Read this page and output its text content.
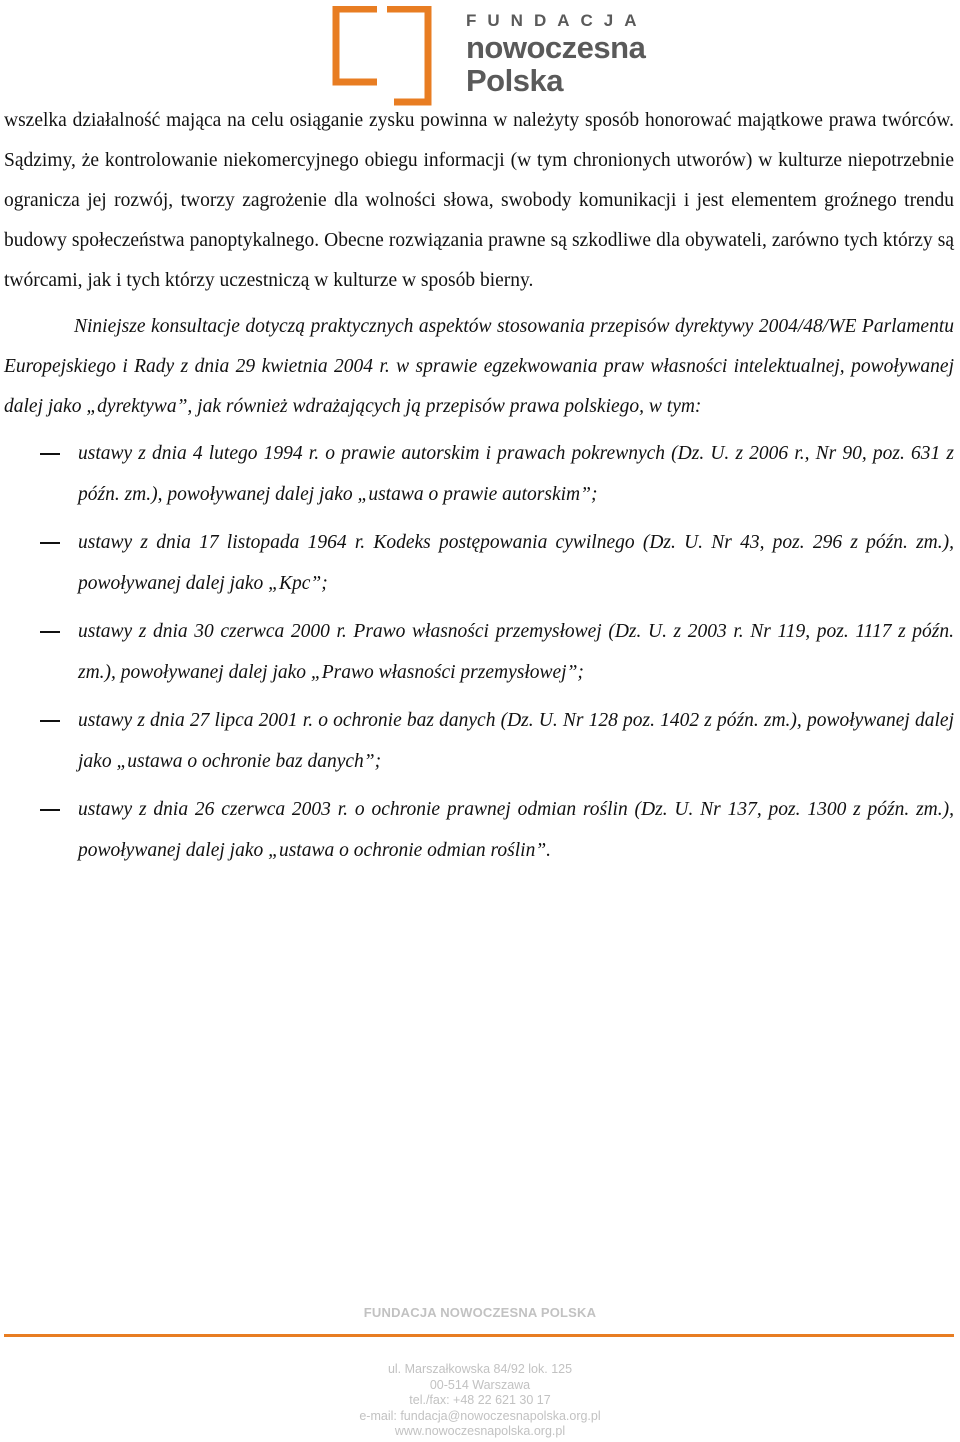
FUNDACJA
nowoczesna
Polska

wszelka działalność mająca na celu osiąganie zysku powinna w należyty sposób honorować majątkowe prawa twórców. Sądzimy, że kontrolowanie niekomercyjnego obiegu informacji (w tym chronionych utworów) w kulturze niepotrzebnie ogranicza jej rozwój, tworzy zagrożenie dla wolności słowa, swobody komunikacji i jest elementem groźnego trendu budowy społeczeństwa panoptykalnego. Obecne rozwiązania prawne są szkodliwe dla obywateli, zarówno tych którzy są twórcami, jak i tych którzy uczestniczą w kulturze w sposób bierny.

Niniejsze konsultacje dotyczą praktycznych aspektów stosowania przepisów dyrektywy 2004/48/WE Parlamentu Europejskiego i Rady z dnia 29 kwietnia 2004 r. w sprawie egzekwowania praw własności intelektualnej, powoływanej dalej jako „dyrektywa”, jak również wdrażających ją przepisów prawa polskiego, w tym:

ustawy z dnia 4 lutego 1994 r. o prawie autorskim i prawach pokrewnych (Dz. U. z 2006 r., Nr 90, poz. 631 z późn. zm.), powoływanej dalej jako „ustawa o prawie autorskim”;
ustawy z dnia 17 listopada 1964 r. Kodeks postępowania cywilnego (Dz. U. Nr 43, poz. 296 z późn. zm.), powoływanej dalej jako „Kpc”;
ustawy z dnia 30 czerwca 2000 r. Prawo własności przemysłowej (Dz. U. z 2003 r. Nr 119, poz. 1117 z późn. zm.), powoływanej dalej jako „Prawo własności przemysłowej”;
ustawy z dnia 27 lipca 2001 r. o ochronie baz danych (Dz. U. Nr 128 poz. 1402 z późn. zm.), powoływanej dalej jako „ustawa o ochronie baz danych”;
ustawy z dnia 26 czerwca 2003 r. o ochronie prawnej odmian roślin (Dz. U. Nr 137, poz. 1300 z późn. zm.), powoływanej dalej jako „ustawa o ochronie odmian roślin”.
FUNDACJA NOWOCZESNA POLSKA
ul. Marszałkowska 84/92 lok. 125
00-514 Warszawa
tel./fax: +48 22 621 30 17
e-mail: fundacja@nowoczesnapolska.org.pl
www.nowoczesnapolska.org.pl
